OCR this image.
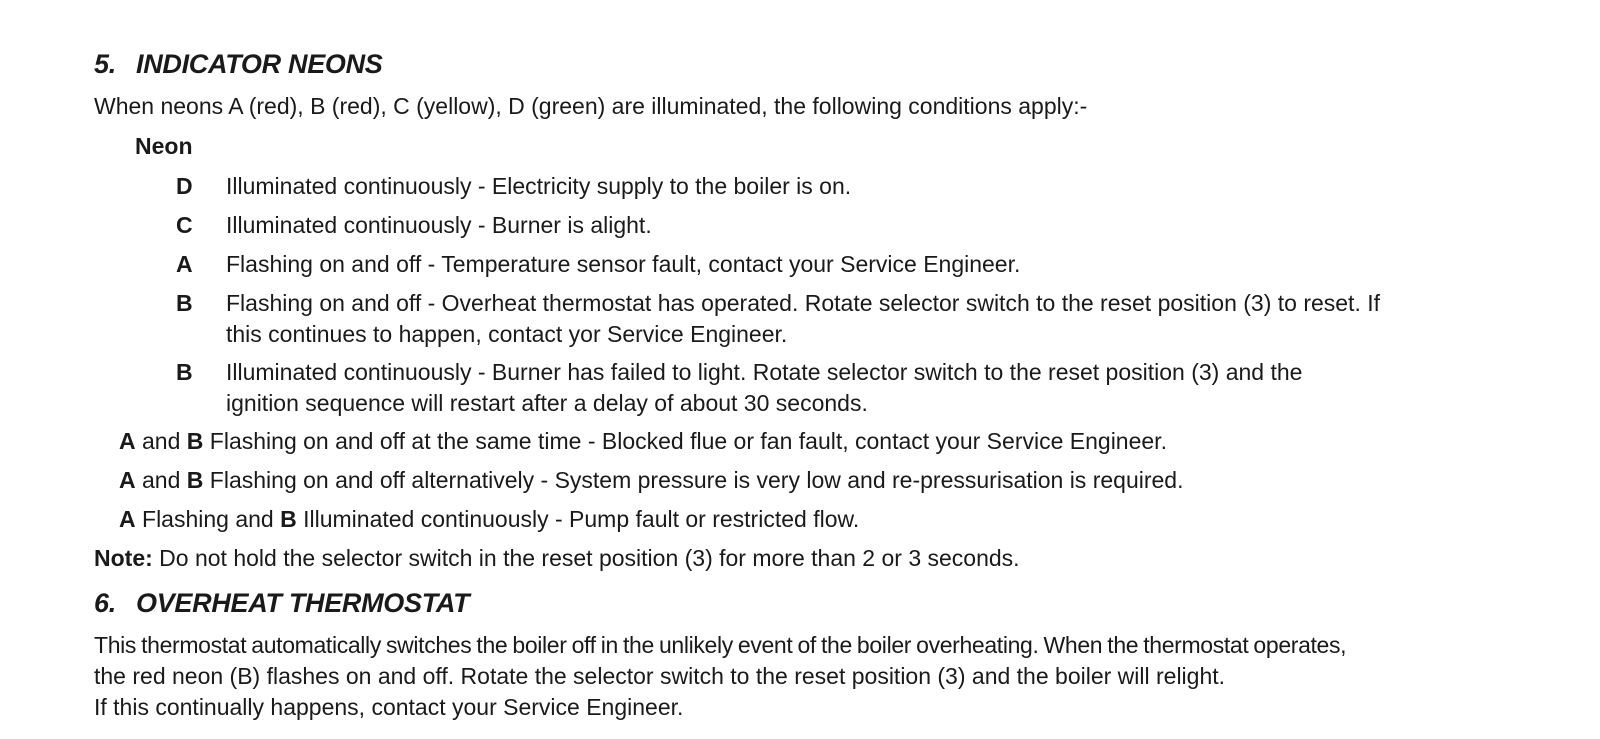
5. INDICATOR NEONS
When neons A (red), B (red), C (yellow), D (green) are illuminated, the following conditions apply:-
Neon
D	Illuminated continuously - Electricity supply to the boiler is on.
C	Illuminated continuously - Burner is alight.
A	Flashing on and off - Temperature sensor fault, contact your Service Engineer.
B	Flashing on and off - Overheat thermostat has operated. Rotate selector switch to the reset position (3) to reset. If
this continues to happen, contact yor Service Engineer.
B	Illuminated continuously - Burner has failed to light. Rotate selector switch to the reset position (3) and the
ignition sequence will restart after a delay of about 30 seconds.
A and B Flashing on and off at the same time - Blocked flue or fan fault, contact your Service Engineer.
A and B Flashing on and off alternatively - System pressure is very low and re-pressurisation is required.
A Flashing and B Illuminated continuously - Pump fault or restricted flow.
Note: Do not hold the selector switch in the reset position (3) for more than 2 or 3 seconds.
6. OVERHEAT THERMOSTAT
This thermostat automatically switches the boiler off in the unlikely event of the boiler overheating. When the thermostat operates,
the red neon (B) flashes on and off. Rotate the selector switch to the reset position (3) and the boiler will relight.
If this continually happens, contact your Service Engineer.
